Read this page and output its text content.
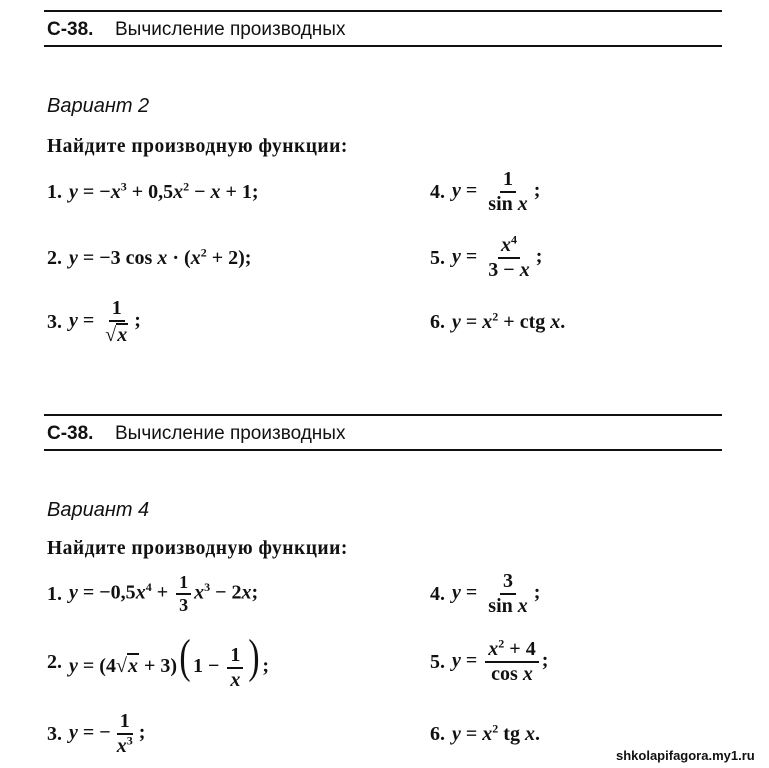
С-38. Вычисление производных
Вариант 2
Найдите производную функции:
1. $y = -x^3 + 0,5x^2 - x + 1$;	4. $y = \frac{1}{\text{sin x}}$ ;
2. y = −3 $\cos x \cdot (x^2 + 2)$;	5. $y = \frac{x^4}{3 - x}$ ;
3. $y = \frac{1}{√ x}$ ;	6. $y = x^2$ + ctg x.
С-38. Вычисление производных
Вариант 4
Найдите производную функции:
1. $y = -0,5x^4 + \frac{1}{3} x^3 - 2x$;	4. $y = \frac{3}{\text{sin x}}$ ;
2. y = (4 √ x + 3)( $1 - \frac{1}{x}$ ) ;	5. $y = \frac{x^2 + 4}{\text{cos x}}$ ;
3. y = − $\frac{1}{x^3}$ ;	6. $y = x^2$ tg x.
shkolapifagora.my1.ru
